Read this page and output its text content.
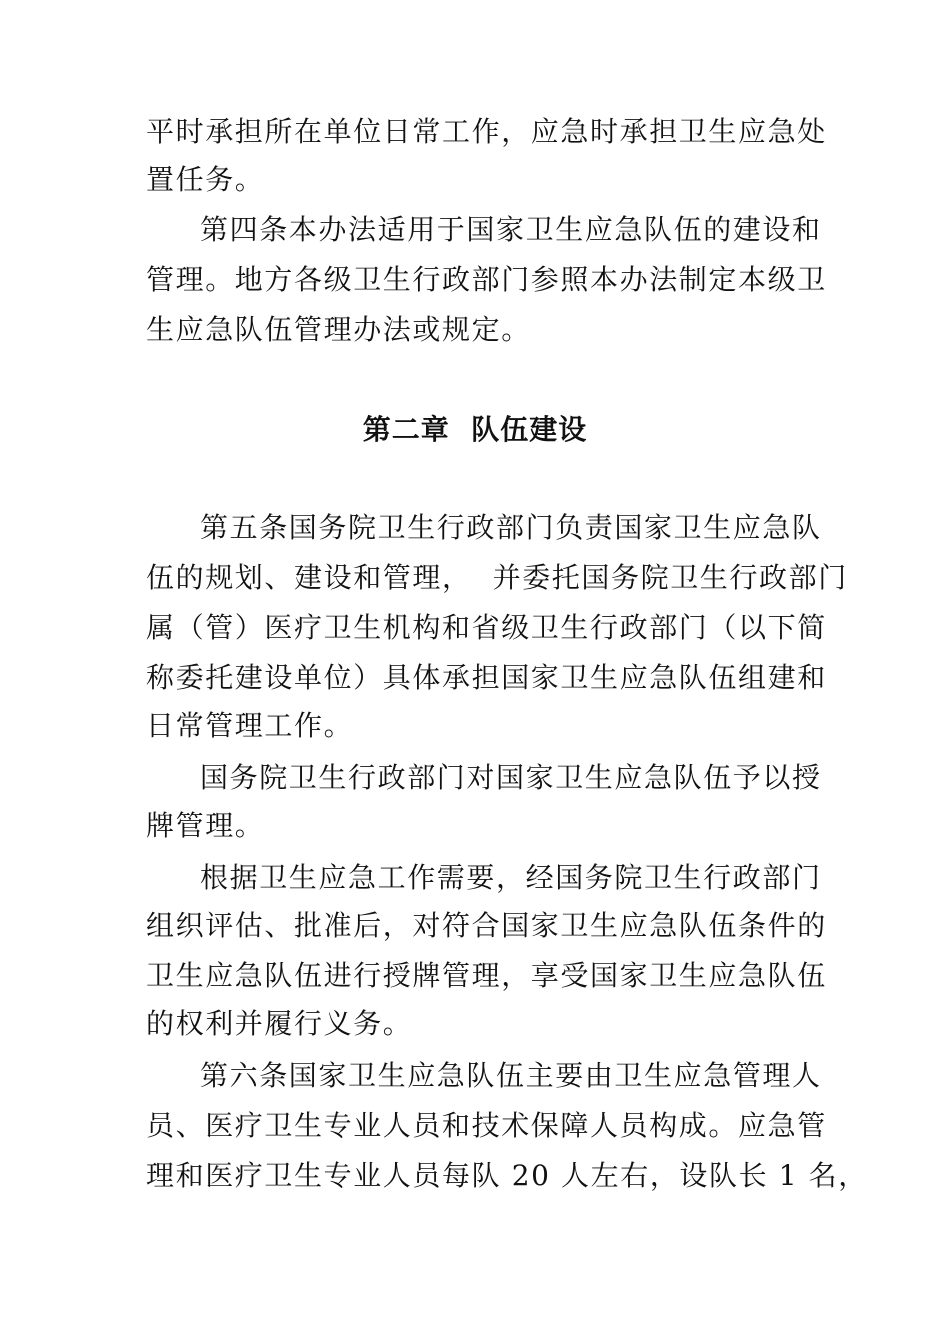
平时承担所在单位日常工作，应急时承担卫生应急处
置任务。
第四条本办法适用于国家卫生应急队伍的建设和
管理。地方各级卫生行政部门参照本办法制定本级卫
生应急队伍管理办法或规定。
第二章  队伍建设
第五条国务院卫生行政部门负责国家卫生应急队
伍的规划、建设和管理，  并委托国务院卫生行政部门
属（管）医疗卫生机构和省级卫生行政部门（以下简
称委托建设单位）具体承担国家卫生应急队伍组建和
日常管理工作。
国务院卫生行政部门对国家卫生应急队伍予以授
牌管理。
根据卫生应急工作需要，经国务院卫生行政部门
组织评估、批准后，对符合国家卫生应急队伍条件的
卫生应急队伍进行授牌管理，享受国家卫生应急队伍
的权利并履行义务。
第六条国家卫生应急队伍主要由卫生应急管理人
员、医疗卫生专业人员和技术保障人员构成。应急管
理和医疗卫生专业人员每队 20 人左右，设队长 1 名，
